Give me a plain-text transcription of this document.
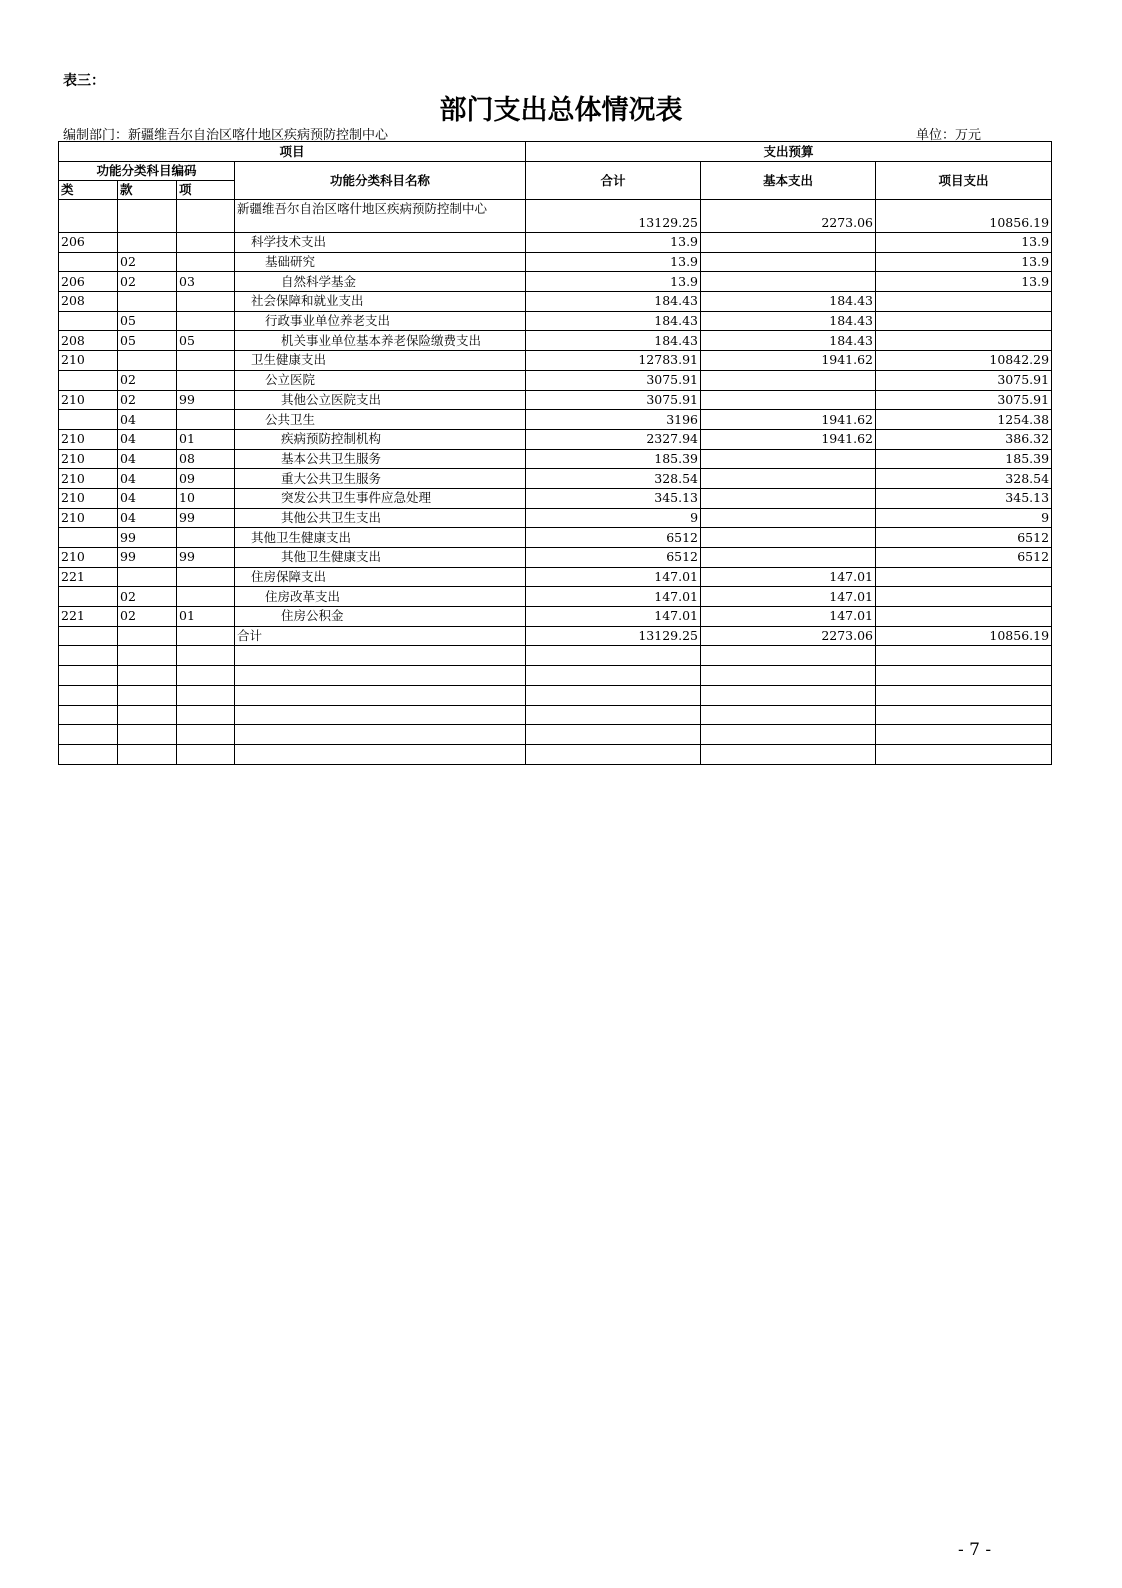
表三：
部门支出总体情况表
编制部门：新疆维吾尔自治区喀什地区疾病预防控制中心	单位：万元
项目				支出预算		
功能分类科目编码			功能分类科目名称	合计	基本支出	项目支出
类	款	项				
			新疆维吾尔自治区喀什地区疾病预防控制中心	13129.25	2273.06	10856.19
206			科学技术支出	13.9		13.9
	02		基础研究	13.9		13.9
206	02	03	自然科学基金	13.9		13.9
208			社会保障和就业支出	184.43	184.43	
	05		行政事业单位养老支出	184.43	184.43	
208	05	05	机关事业单位基本养老保险缴费支出	184.43	184.43	
210			卫生健康支出	12783.91	1941.62	10842.29
	02		公立医院	3075.91		3075.91
210	02	99	其他公立医院支出	3075.91		3075.91
	04		公共卫生	3196	1941.62	1254.38
210	04	01	疾病预防控制机构	2327.94	1941.62	386.32
210	04	08	基本公共卫生服务	185.39		185.39
210	04	09	重大公共卫生服务	328.54		328.54
210	04	10	突发公共卫生事件应急处理	345.13		345.13
210	04	99	其他公共卫生支出	9		9
	99		其他卫生健康支出	6512		6512
210	99	99	其他卫生健康支出	6512		6512
221			住房保障支出	147.01	147.01	
	02		住房改革支出	147.01	147.01	
221	02	01	住房公积金	147.01	147.01	
			合计	13129.25	2273.06	10856.19

- 7 -
